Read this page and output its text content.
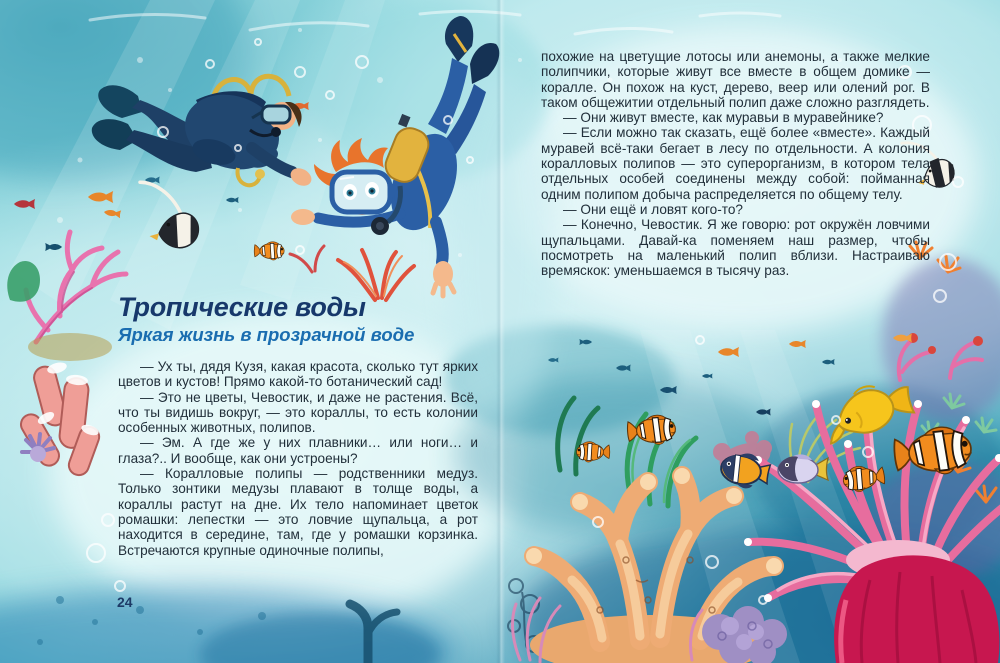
Тропические воды
Яркая жизнь в прозрачной воде

— Ух ты, дядя Кузя, какая красота, сколько тут ярких цветов и кустов! Прямо какой-то ботанический сад!

— Это не цветы, Чевостик, и даже не растения. Всё, что ты видишь вокруг, — это кораллы, то есть колонии особенных животных, полипов.

— Эм. А где же у них плавники… или ноги… и глаза?.. И вообще, как они устроены?

— Коралловые полипы — родственники медуз. Только зонтики медузы плавают в толще воды, а кораллы растут на дне. Их тело напоминает цветок ромашки: лепестки — это ловчие щупальца, а рот находится в середине, там, где у ромашки корзинка. Встречаются крупные одиночные полипы,

похожие на цветущие лотосы или анемоны, а также мелкие полипчики, которые живут все вместе в общем домике — коралле. Он похож на куст, дерево, веер или олений рог. В таком общежитии отдельный полип даже сложно разглядеть.

— Они живут вместе, как муравьи в муравейнике?

— Если можно так сказать, ещё более «вместе». Каждый муравей всё-таки бегает в лесу по отдельности. А колония коралловых полипов — это суперорганизм, в котором тела отдельных особей соединены между собой: пойманная одним полипом добыча распределяется по общему телу.

— Они ещё и ловят кого-то?

— Конечно, Чевостик. Я же говорю: рот окружён ловчими щупальцами. Давай-ка поменяем наш размер, чтобы посмотреть на маленький полип вблизи. Настраиваю времяскок: уменьшаемся в тысячу раз.

24
